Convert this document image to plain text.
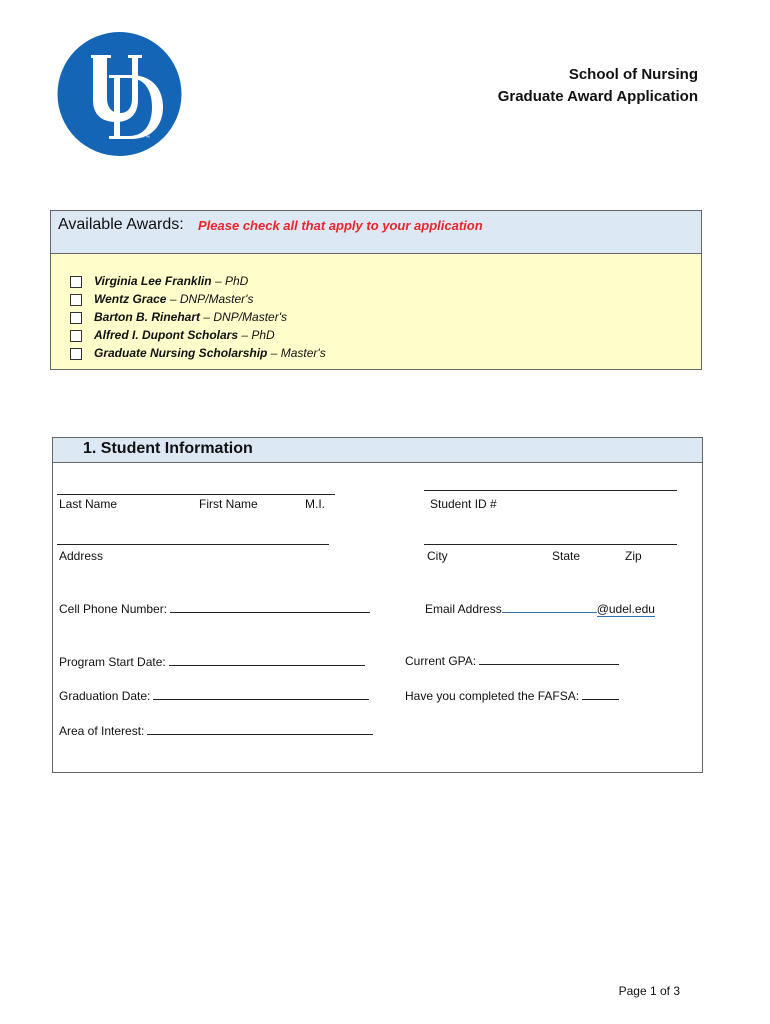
™
School of Nursing
Graduate Award Application
Available Awards: Please check all that apply to your application
Virginia Lee Franklin – PhD
Wentz Grace – DNP/Master's
Barton B. Rinehart – DNP/Master's
Alfred I. Dupont Scholars – PhD
Graduate Nursing Scholarship – Master's
1. Student Information
Last Name	First Name	M.I.	Student ID #
Address	City	State	Zip
Cell Phone Number:	Email Address	@udel.edu
Program Start Date:	Current GPA:
Graduation Date:	Have you completed the FAFSA:
Area of Interest:
Page 1 of 3
